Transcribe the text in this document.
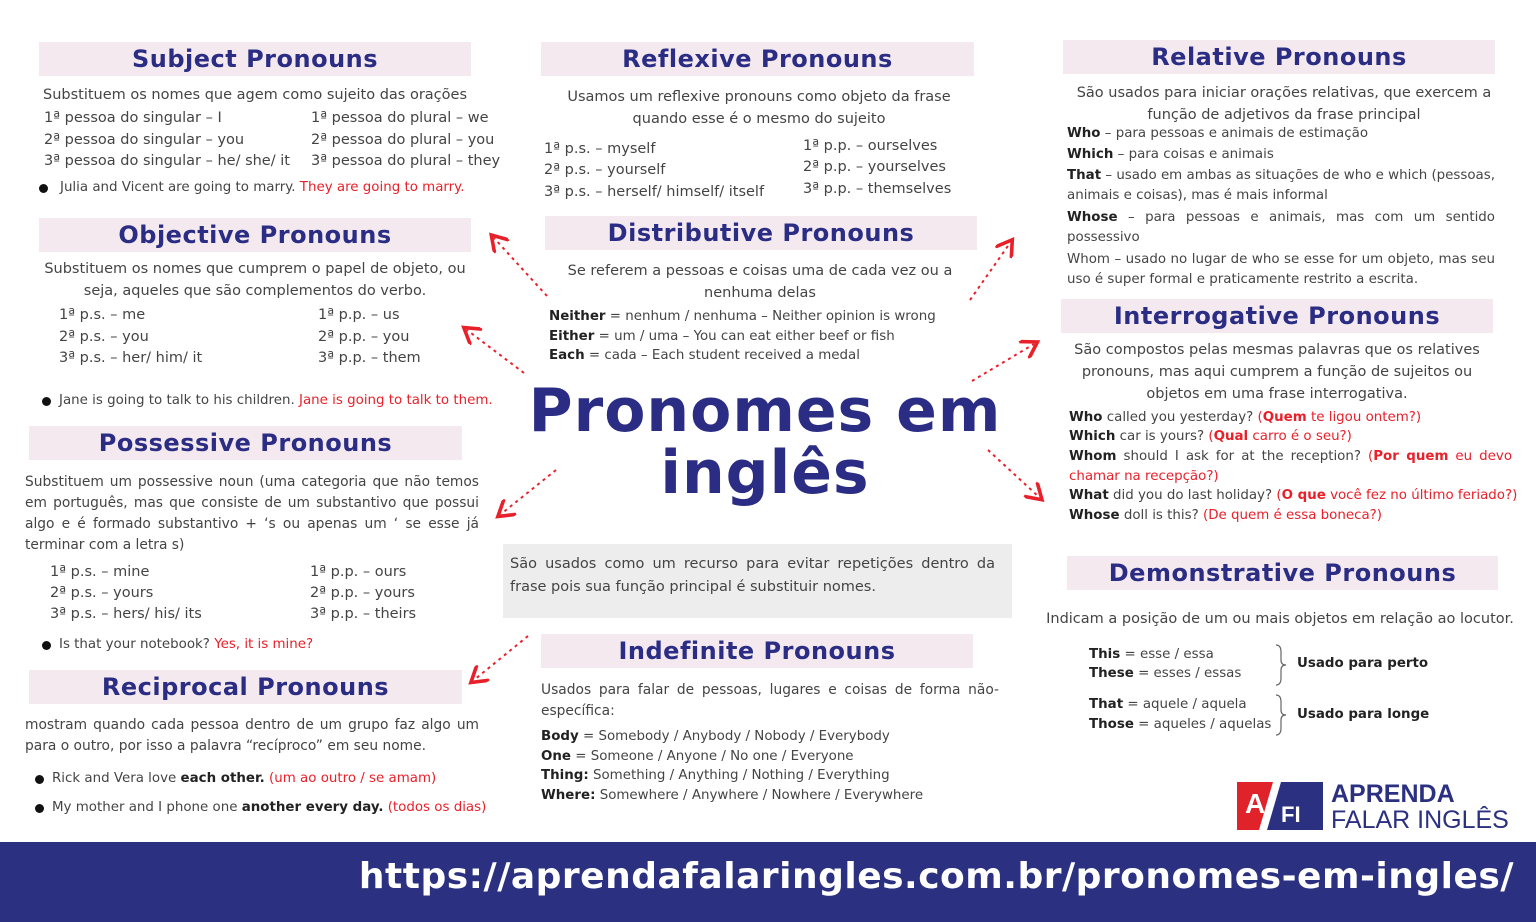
Subject Pronouns
Substituem os nomes que agem como sujeito das orações
1ª pessoa do singular – I
2ª pessoa do singular – you
3ª pessoa do singular – he/ she/ it
1ª pessoa do plural – we
2ª pessoa do plural – you
3ª pessoa do plural – they
Julia and Vicent are going to marry. They are going to marry.
Objective Pronouns
Substituem os nomes que cumprem o papel de objeto, ou seja, aqueles que são complementos do verbo.
1ª p.s. – me
2ª p.s. – you
3ª p.s. – her/ him/ it
1ª p.p. – us
2ª p.p. – you
3ª p.p. – them
Jane is going to talk to his children. Jane is going to talk to them.
Possessive Pronouns
Substituem um possessive noun (uma categoria que não temos em português, mas que consiste de um substantivo que possui algo e é formado substantivo + ‘s ou apenas um ‘ se esse já terminar com a letra s)
1ª p.s. – mine
2ª p.s. – yours
3ª p.s. – hers/ his/ its
1ª p.p. – ours
2ª p.p. – yours
3ª p.p. – theirs
Is that your notebook? Yes, it is mine?
Reciprocal Pronouns
mostram quando cada pessoa dentro de um grupo faz algo um para o outro, por isso a palavra “recíproco” em seu nome.
Rick and Vera love each other. (um ao outro / se amam)
My mother and I phone one another every day. (todos os dias)
Reflexive Pronouns
Usamos um reflexive pronouns como objeto da frase quando esse é o mesmo do sujeito
1ª p.s. – myself
2ª p.s. – yourself
3ª p.s. – herself/ himself/ itself
1ª p.p. – ourselves
2ª p.p. – yourselves
3ª p.p. – themselves
Distributive Pronouns
Se referem a pessoas e coisas uma de cada vez ou a nenhuma delas
Neither = nenhum / nenhuma – Neither opinion is wrong
Either = um / uma – You can eat either beef or fish
Each = cada – Each student received a medal
Pronomes em
inglês
São usados como um recurso para evitar repetições dentro da frase pois sua função principal é substituir nomes.
Indefinite Pronouns
Usados para falar de pessoas, lugares e coisas de forma não-específica:
Body = Somebody / Anybody / Nobody / Everybody
One = Someone / Anyone / No one / Everyone
Thing: Something / Anything / Nothing / Everything
Where: Somewhere / Anywhere / Nowhere / Everywhere
Relative Pronouns
São usados para iniciar orações relativas, que exercem a função de adjetivos da frase principal
Who – para pessoas e animais de estimação
Which – para coisas e animais
That – usado em ambas as situações de who e which (pessoas, animais e coisas), mas é mais informal
Whose – para pessoas e animais, mas com um sentido possessivo
Whom – usado no lugar de who se esse for um objeto, mas seu uso é super formal e praticamente restrito a escrita.
Interrogative Pronouns
São compostos pelas mesmas palavras que os relatives pronouns, mas aqui cumprem a função de sujeitos ou objetos em uma frase interrogativa.
Who called you yesterday? (Quem te ligou ontem?)
Which car is yours? (Qual carro é o seu?)
Whom should I ask for at the reception? (Por quem eu devo chamar na recepção?)
What did you do last holiday? (O que você fez no último feriado?)
Whose doll is this? (De quem é essa boneca?)
Demonstrative Pronouns
Indicam a posição de um ou mais objetos em relação ao locutor.
This = esse / essa
These = esses / essas
Usado para perto
That = aquele / aquela
Those = aqueles / aquelas
Usado para longe
A FI
APRENDA
FALAR INGLÊS
https://aprendafalaringles.com.br/pronomes-em-ingles/
